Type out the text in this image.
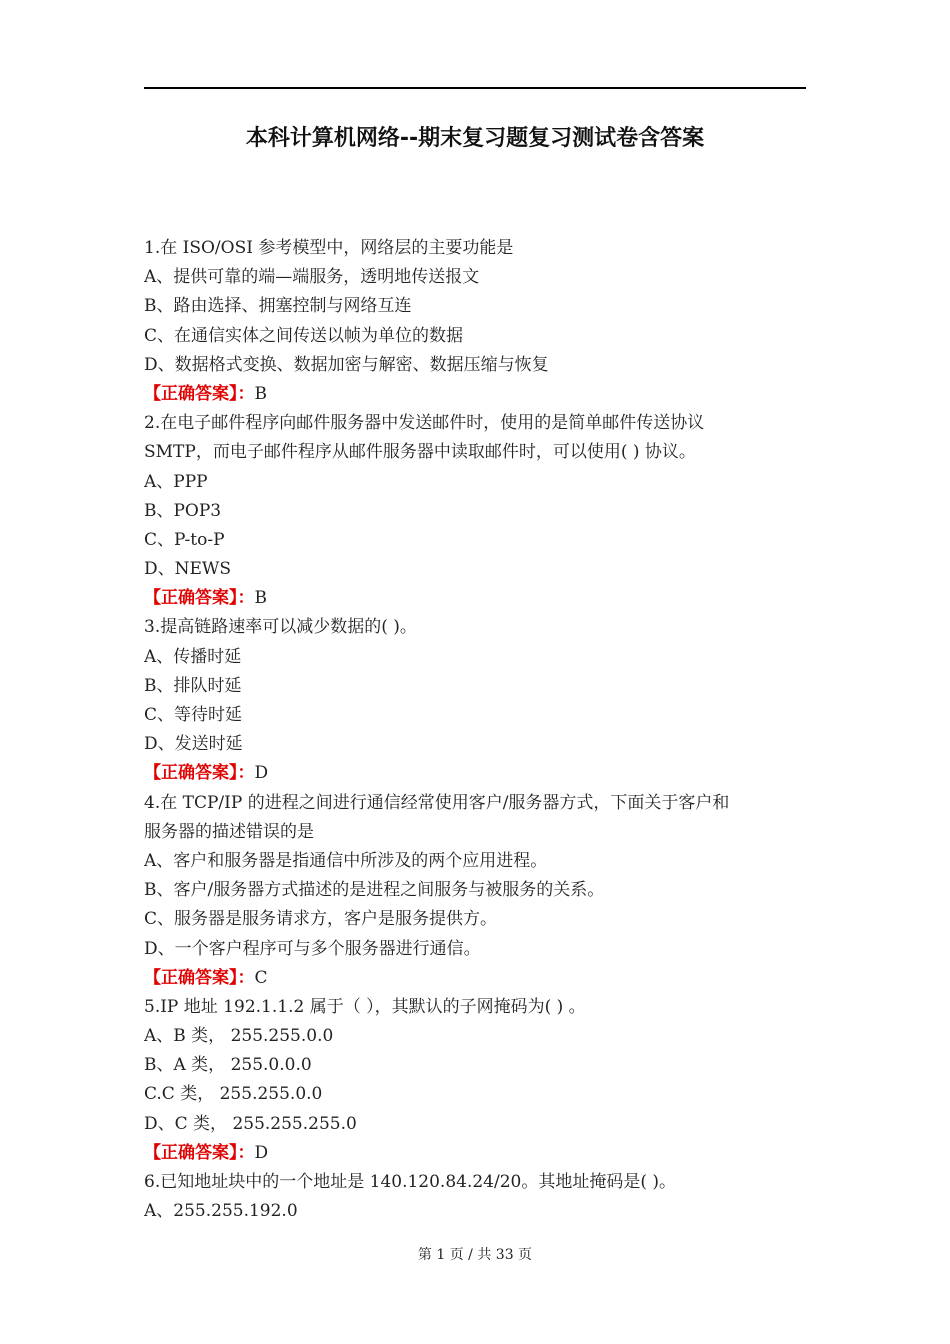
本科计算机网络--期末复习题复习测试卷含答案
1.在 ISO/OSI 参考模型中，网络层的主要功能是
A、提供可靠的端—端服务，透明地传送报文
B、路由选择、拥塞控制与网络互连
C、在通信实体之间传送以帧为单位的数据
D、数据格式变换、数据加密与解密、数据压缩与恢复
【正确答案】：B
2.在电子邮件程序向邮件服务器中发送邮件时，使用的是简单邮件传送协议
SMTP，而电子邮件程序从邮件服务器中读取邮件时，可以使用( ) 协议。
A、PPP
B、POP3
C、P-to-P
D、NEWS
【正确答案】：B
3.提高链路速率可以减少数据的( )。
A、传播时延
B、排队时延
C、等待时延
D、发送时延
【正确答案】：D
4.在 TCP/IP 的进程之间进行通信经常使用客户/服务器方式，下面关于客户和
服务器的描述错误的是
A、客户和服务器是指通信中所涉及的两个应用进程。
B、客户/服务器方式描述的是进程之间服务与被服务的关系。
C、服务器是服务请求方，客户是服务提供方。
D、一个客户程序可与多个服务器进行通信。
【正确答案】：C
5.IP 地址 192.1.1.2 属于（ ），其默认的子网掩码为( ) 。
A、B 类， 255.255.0.0
B、A 类， 255.0.0.0
C.C 类， 255.255.0.0
D、C 类， 255.255.255.0
【正确答案】：D
6.已知地址块中的一个地址是 140.120.84.24/20。其地址掩码是( )。
A、255.255.192.0
第 1 页 / 共 33 页
